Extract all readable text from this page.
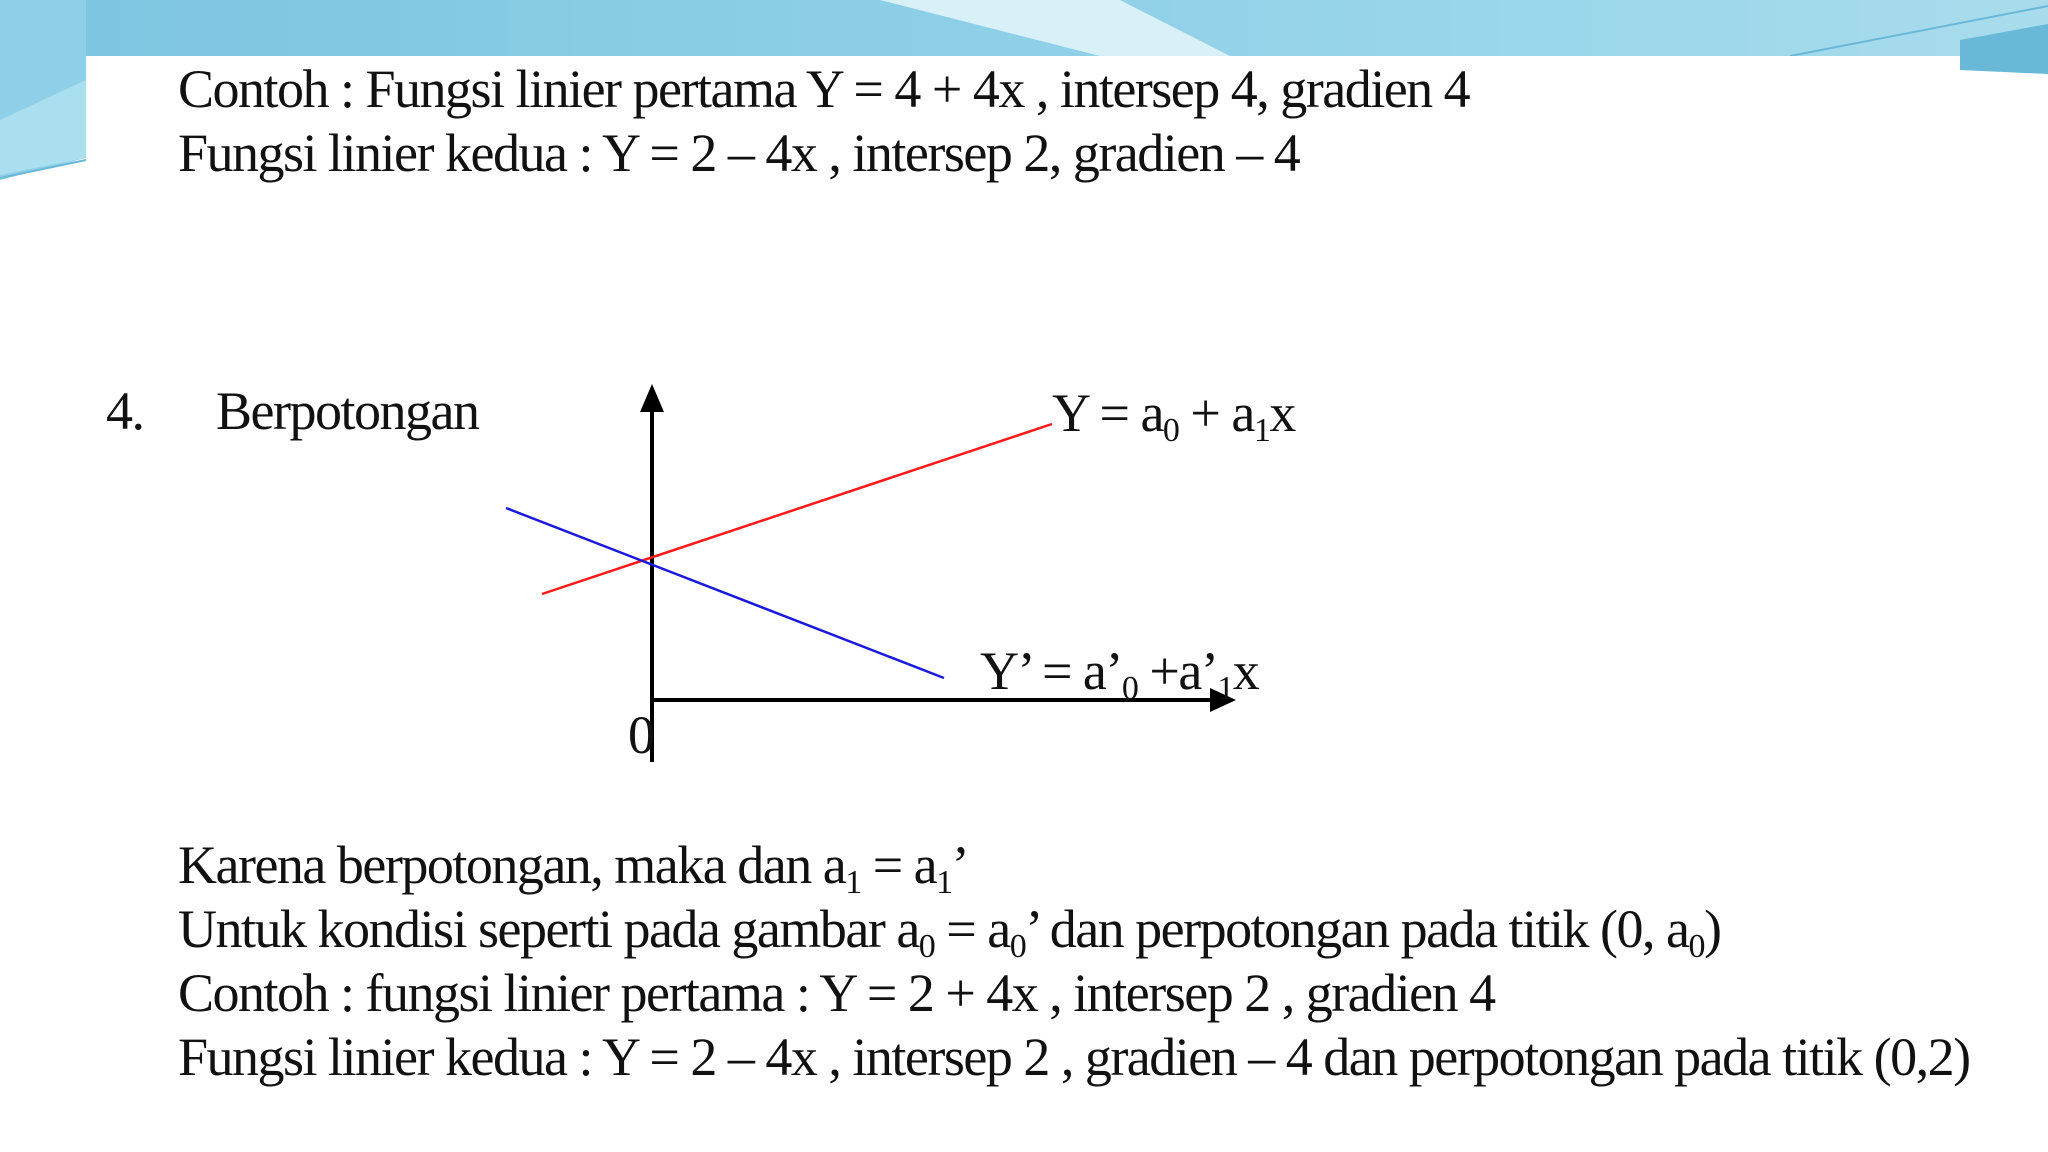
Contoh : Fungsi linier pertama Y = 4 + 4x , intersep 4, gradien 4
Fungsi linier kedua : Y = 2 – 4x , intersep 2, gradien – 4
4. Berpotongan	$Y = a_0 + a_1x$
Y’ = $a’_0$ $+a’_1x$
0
Karena berpotongan, maka dan $a_1 = a_1$’
Untuk kondisi seperti pada gambar $a_0 = a_0$’ dan perpotongan pada titik (0, $a_0$)
Contoh : fungsi linier pertama : Y = 2 + 4x , intersep 2 , gradien 4
Fungsi linier kedua : Y = 2 – 4x , intersep 2 , gradien – 4 dan perpotongan pada titik (0,2)
